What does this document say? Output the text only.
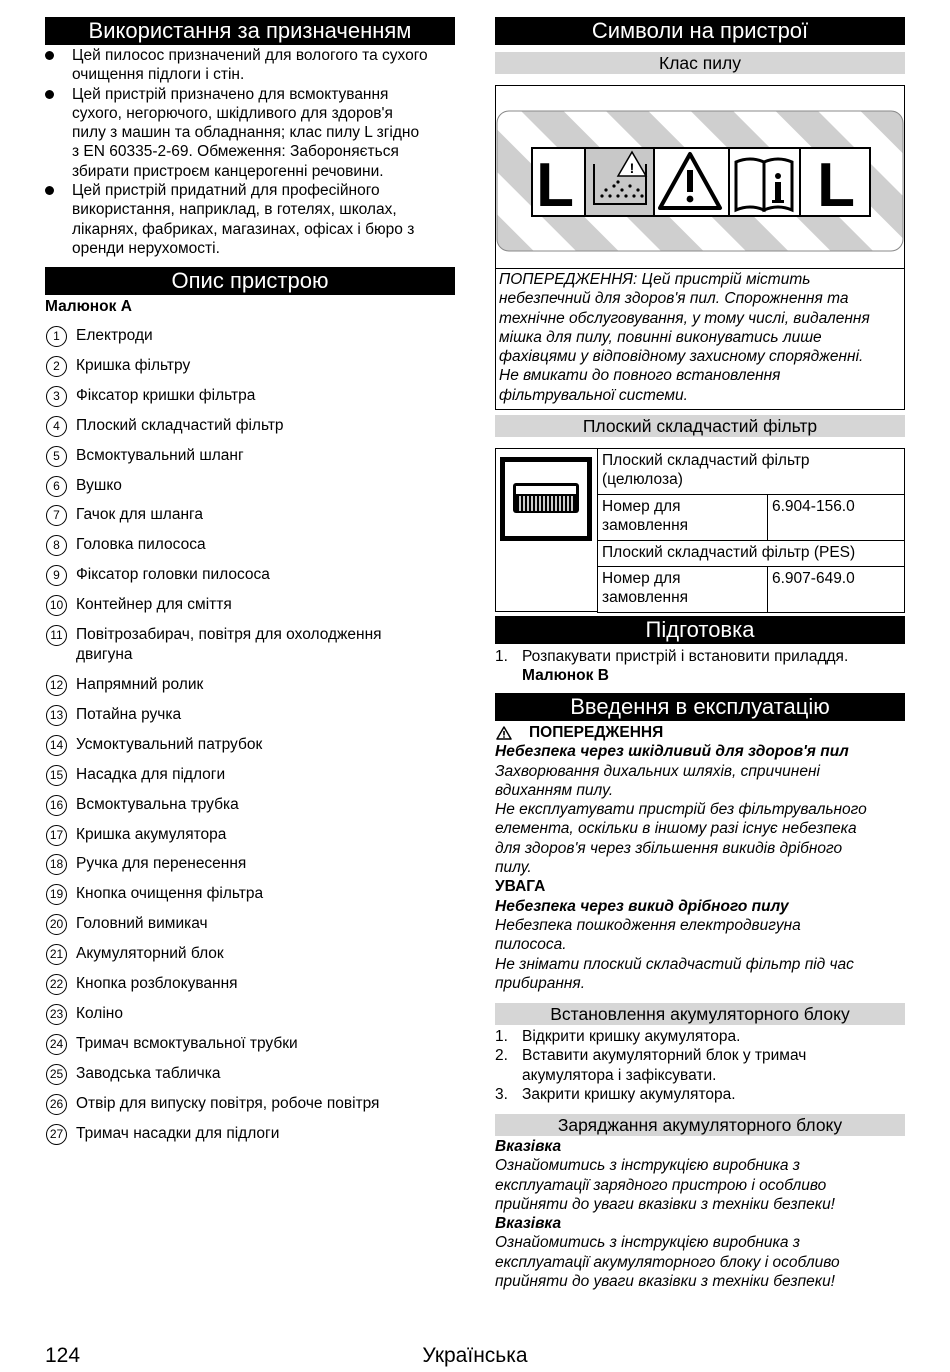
Використання за призначенням
Цей пилосос призначений для вологого та сухого
очищення підлоги і стін.
Цей пристрій призначено для всмоктування
сухого, негорючого, шкідливого для здоров'я
пилу з машин та обладнання; клас пилу L згідно
з EN 60335-2-69. Обмеження: Забороняється
збирати пристроєм канцерогенні речовини.
Цей пристрій придатний для професійного
використання, наприклад, в готелях, школах,
лікарнях, фабриках, магазинах, офісах і бюро з
оренди нерухомості.
Опис пристрою
Малюнок А
1	Електроди
2	Кришка фільтру
3	Фіксатор кришки фільтра
4	Плоский складчастий фільтр
5	Всмоктувальний шланг
6	Вушко
7	Гачок для шланга
8	Головка пилососа
9	Фіксатор головки пилососа
10 Контейнер для сміття
11 Повітрозабирач, повітря для охолодження
двигуна
12 Напрямний ролик
13 Потайна ручка
14 Усмоктувальний патрубок
15 Насадка для підлоги
16 Всмоктувальна трубка
17 Кришка акумулятора
18 Ручка для перенесення
19 Кнопка очищення фільтра
20 Головний вимикач
21 Акумуляторний блок
22 Кнопка розблокування
23 Коліно
24 Тримач всмоктувальної трубки
25 Заводська табличка
26 Отвір для випуску повітря, робоче повітря
27 Тримач насадки для підлоги
Символи на пристрої
Клас пилу
L	!	L
ПОПЕРЕДЖЕННЯ: Цей пристрій містить
небезпечний для здоров'я пил. Спорожнення та
технічне обслуговування, у тому числі, видалення
мішка для пилу, повинні виконуватись лише
фахівцями у відповідному захисному спорядженні.
Не вмикати до повного встановлення
фільтрувальної системи.
Плоский складчастий фільтр
Плоский складчастий фільтр
(целюлоза)	
Номер для
замовлення	6.904-156.0
Плоский складчастий фільтр (PES)	
Номер для
замовлення	6.907-649.0
Підготовка
1. Розпакувати пристрій і встановити приладдя.
Малюнок B
Введення в експлуатацію
ПОПЕРЕДЖЕННЯ
Небезпека через шкідливий для здоров'я пил
Захворювання дихальних шляхів, спричинені
вдиханням пилу.
Не експлуатувати пристрій без фільтрувального
елемента, оскільки в іншому разі існує небезпека
для здоров'я через збільшення викидів дрібного
пилу.
УВАГА
Небезпека через викид дрібного пилу
Небезпека пошкодження електродвигуна
пилососа.
Не знімати плоский складчастий фільтр під час
прибирання.
Встановлення акумуляторного блоку
1. Відкрити кришку акумулятора.
2. Вставити акумуляторний блок у тримач
акумулятора і зафіксувати.
3. Закрити кришку акумулятора.
Заряджання акумуляторного блоку
Вказівка
Ознайомитись з інструкцією виробника з
експлуатації зарядного пристрою і особливо
прийняти до уваги вказівки з техніки безпеки!
Вказівка
Ознайомитись з інструкцією виробника з
експлуатації акумуляторного блоку і особливо
прийняти до уваги вказівки з техніки безпеки!
124	Українська
